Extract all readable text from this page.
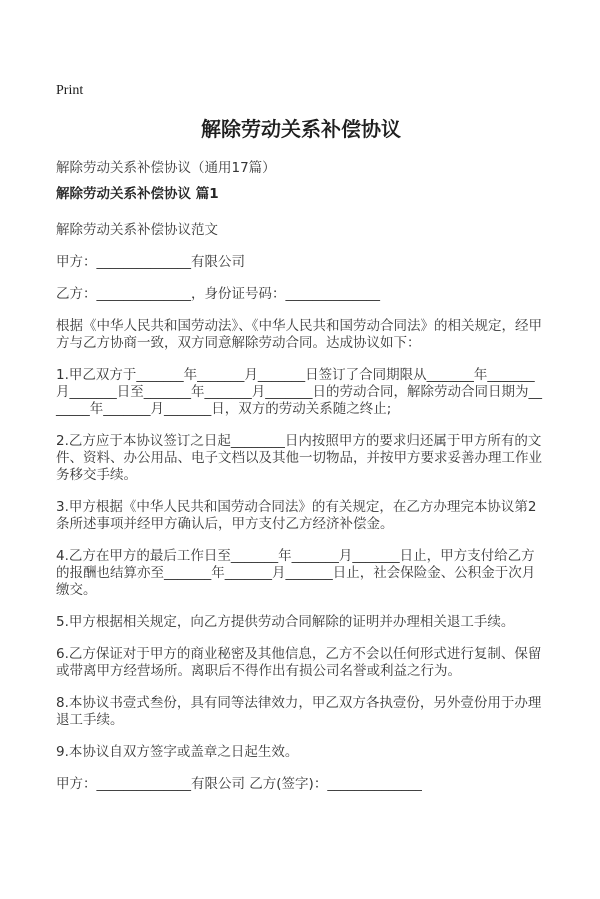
Print
解除劳动关系补偿协议

解除劳动关系补偿协议（通用17篇）

解除劳动关系补偿协议 篇1

解除劳动关系补偿协议范文

甲方：______________有限公司

乙方：______________，身份证号码：______________

根据《中华人民共和国劳动法》、《中华人民共和国劳动合同法》的相关规定，经甲方与乙方协商一致，双方同意解除劳动合同。达成协议如下：

1.甲乙双方于_______年_______月_______日签订了合同期限从_______年_______月_______日至_______年_______月_______日的劳动合同，解除劳动合同日期为_______年_______月_______日，双方的劳动关系随之终止;

2.乙方应于本协议签订之日起________日内按照甲方的要求归还属于甲方所有的文件、资料、办公用品、电子文档以及其他一切物品，并按甲方要求妥善办理工作业务移交手续。

3.甲方根据《中华人民共和国劳动合同法》的有关规定，在乙方办理完本协议第2条所述事项并经甲方确认后，甲方支付乙方经济补偿金。

4.乙方在甲方的最后工作日至_______年_______月_______日止，甲方支付给乙方的报酬也结算亦至_______年_______月_______日止，社会保险金、公积金于次月缴交。

5.甲方根据相关规定，向乙方提供劳动合同解除的证明并办理相关退工手续。

6.乙方保证对于甲方的商业秘密及其他信息，乙方不会以任何形式进行复制、保留或带离甲方经营场所。离职后不得作出有损公司名誉或利益之行为。

8.本协议书壹式叁份，具有同等法律效力，甲乙双方各执壹份，另外壹份用于办理退工手续。

9.本协议自双方签字或盖章之日起生效。

甲方：______________有限公司 乙方(签字)：______________
